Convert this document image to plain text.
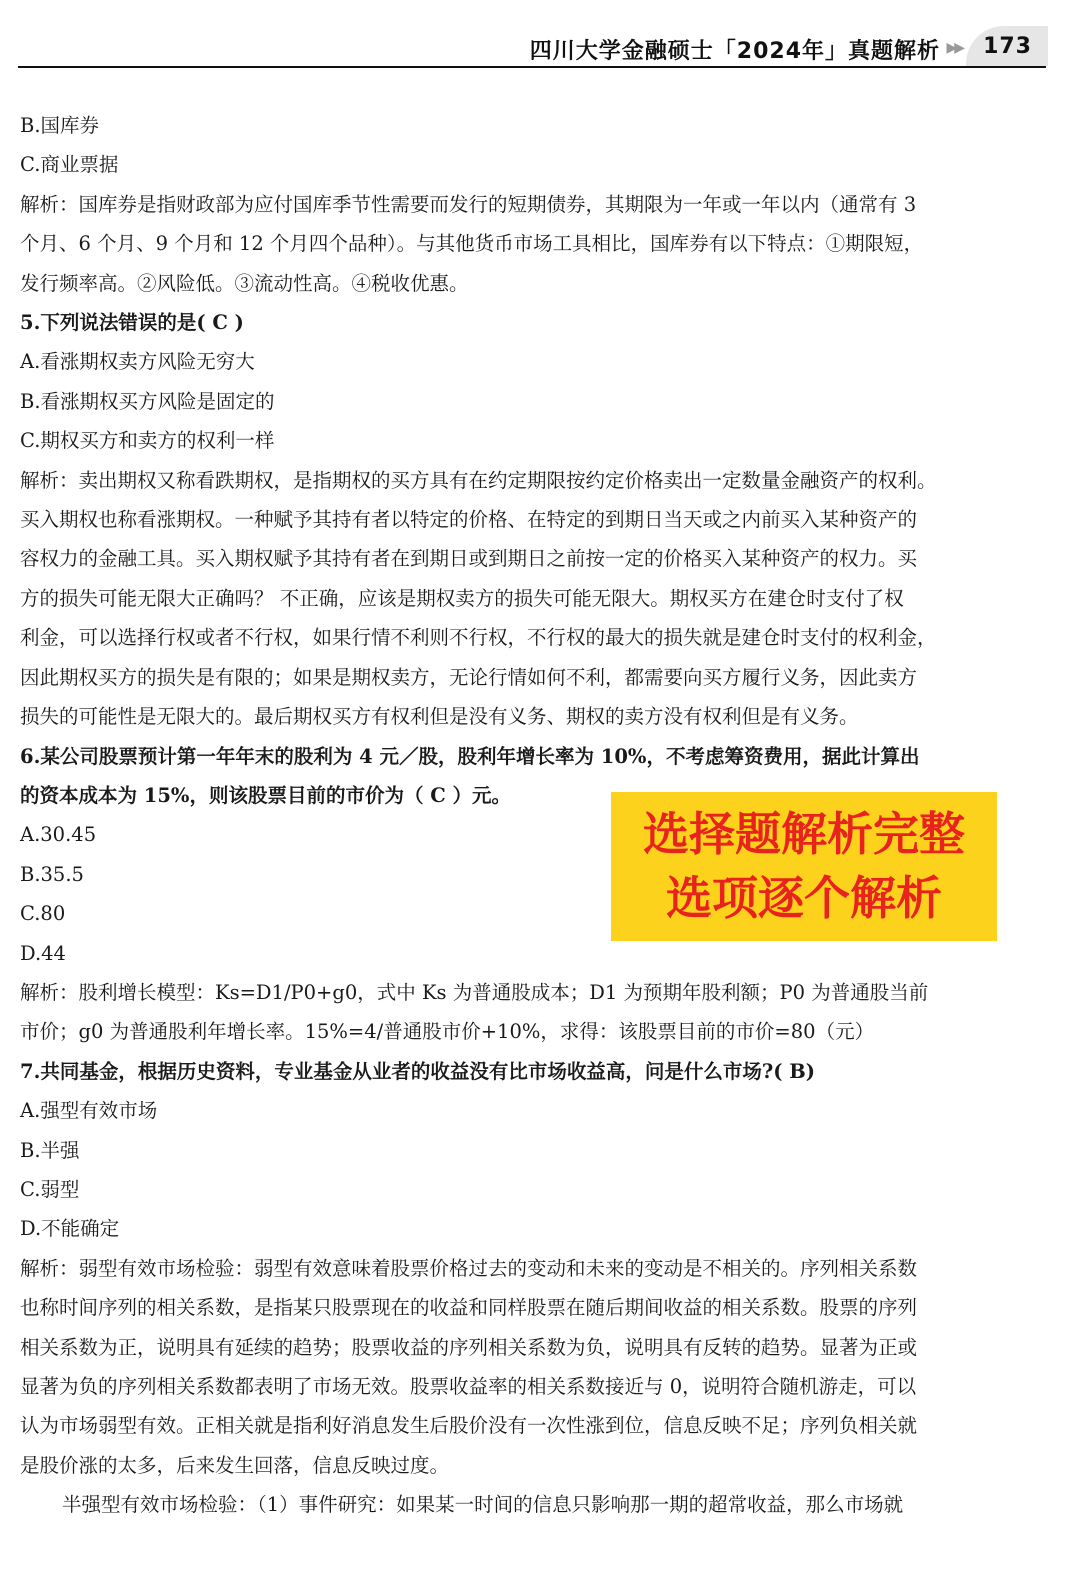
四川大学金融硕士「2024年」真题解析 ▶▶ 173
B.国库券
C.商业票据
解析：国库券是指财政部为应付国库季节性需要而发行的短期债券，其期限为一年或一年以内（通常有 3
个月、6 个月、9 个月和 12 个月四个品种）。与其他货币市场工具相比，国库券有以下特点：①期限短，
发行频率高。②风险低。③流动性高。④税收优惠。
5.下列说法错误的是( C )
A.看涨期权卖方风险无穷大
B.看涨期权买方风险是固定的
C.期权买方和卖方的权利一样
解析：卖出期权又称看跌期权，是指期权的买方具有在约定期限按约定价格卖出一定数量金融资产的权利。
买入期权也称看涨期权。一种赋予其持有者以特定的价格、在特定的到期日当天或之内前买入某种资产的
容权力的金融工具。买入期权赋予其持有者在到期日或到期日之前按一定的价格买入某种资产的权力。买
方的损失可能无限大正确吗？ 不正确，应该是期权卖方的损失可能无限大。期权买方在建仓时支付了权
利金，可以选择行权或者不行权，如果行情不利则不行权，不行权的最大的损失就是建仓时支付的权利金，
因此期权买方的损失是有限的；如果是期权卖方，无论行情如何不利，都需要向买方履行义务，因此卖方
损失的可能性是无限大的。最后期权买方有权利但是没有义务、期权的卖方没有权利但是有义务。
6.某公司股票预计第一年年末的股利为 4 元／股，股利年增长率为 10%，不考虑筹资费用，据此计算出
的资本成本为 15%，则该股票目前的市价为（ C ）元。
A.30.45
B.35.5
C.80
D.44
解析：股利增长模型：Ks=D1/P0+g0，式中 Ks 为普通股成本；D1 为预期年股利额；P0 为普通股当前
市价；g0 为普通股利年增长率。15%=4/普通股市价+10%，求得：该股票目前的市价=80（元）
7.共同基金，根据历史资料，专业基金从业者的收益没有比市场收益高，问是什么市场?( B)
A.强型有效市场
B.半强
C.弱型
D.不能确定
解析：弱型有效市场检验：弱型有效意味着股票价格过去的变动和未来的变动是不相关的。序列相关系数
也称时间序列的相关系数，是指某只股票现在的收益和同样股票在随后期间收益的相关系数。股票的序列
相关系数为正，说明具有延续的趋势；股票收益的序列相关系数为负，说明具有反转的趋势。显著为正或
显著为负的序列相关系数都表明了市场无效。股票收益率的相关系数接近与 0，说明符合随机游走，可以
认为市场弱型有效。正相关就是指利好消息发生后股价没有一次性涨到位，信息反映不足；序列负相关就
是股价涨的太多，后来发生回落，信息反映过度。
半强型有效市场检验：（1）事件研究：如果某一时间的信息只影响那一期的超常收益，那么市场就
选择题解析完整
选项逐个解析
